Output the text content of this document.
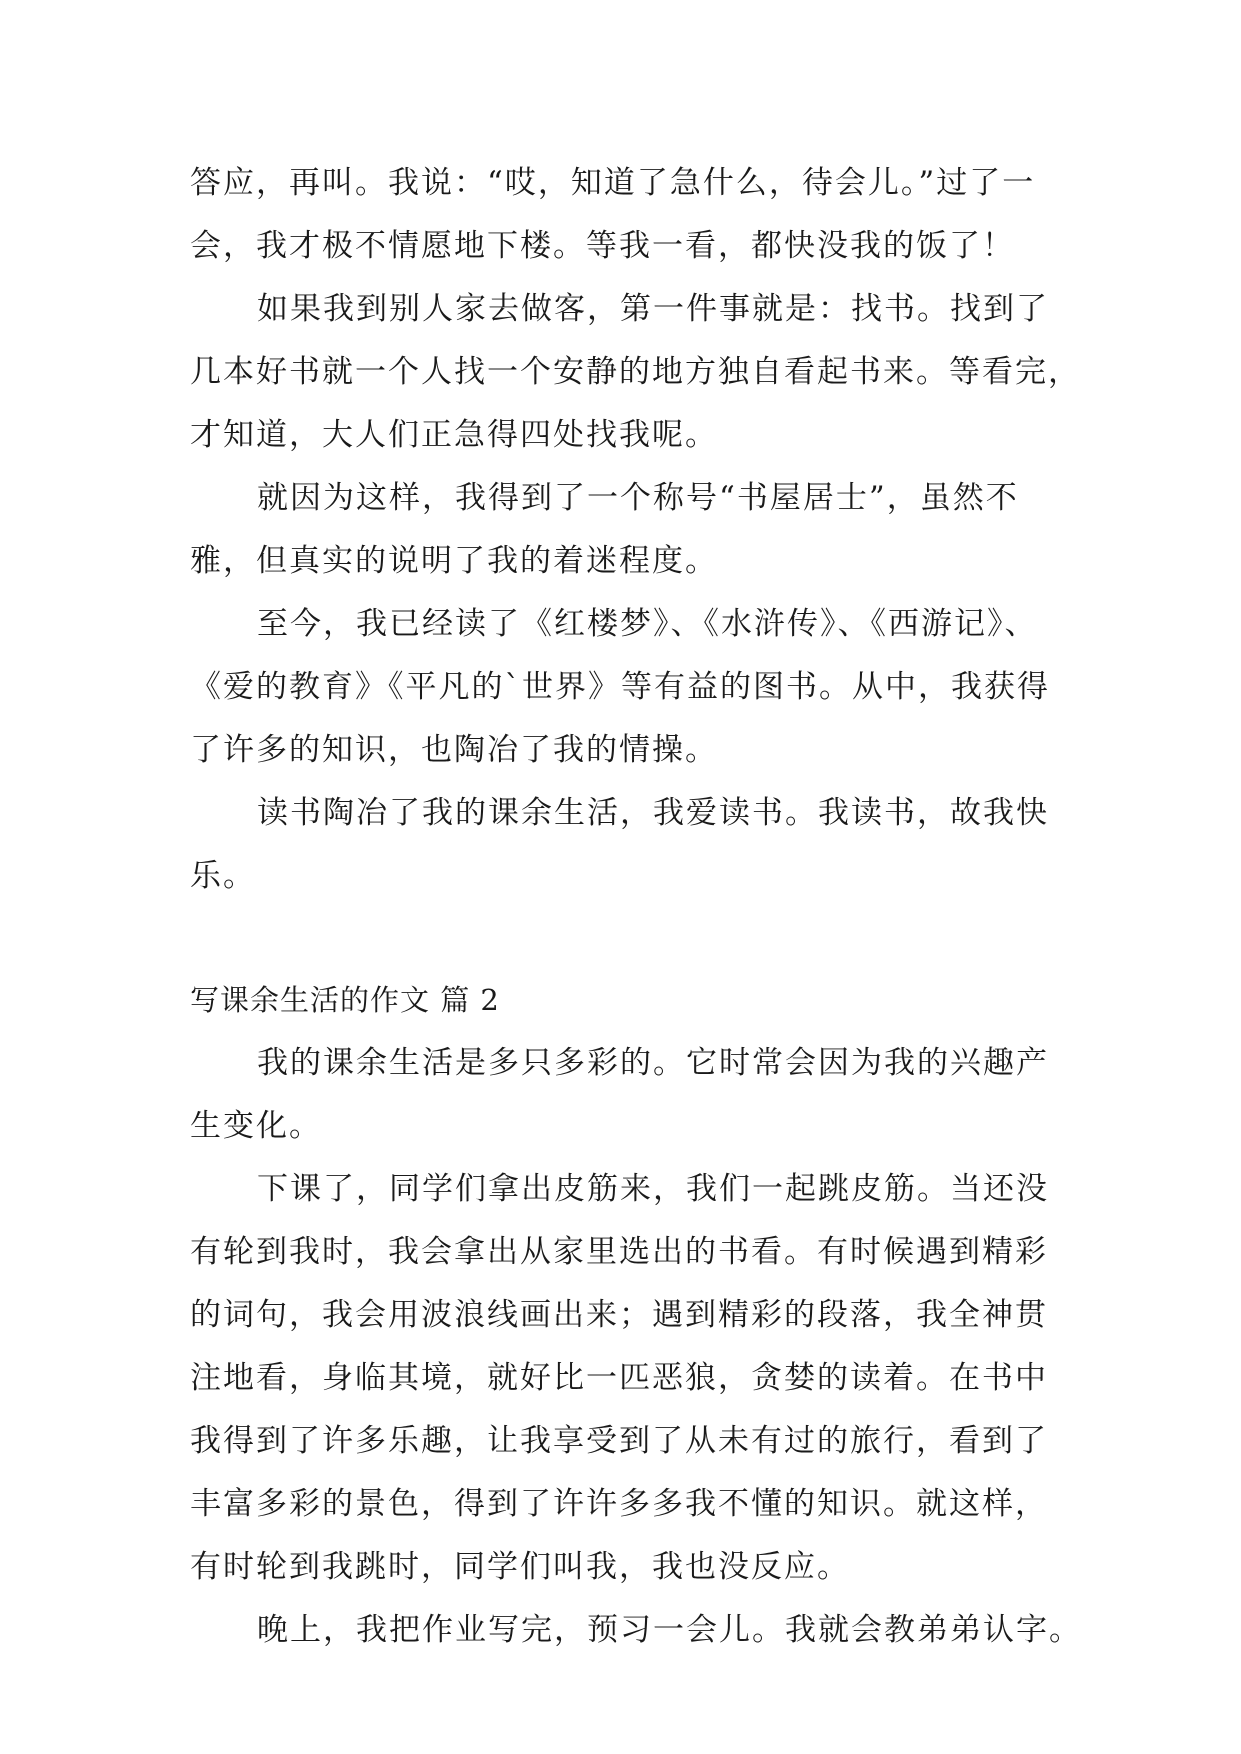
答应，再叫。我说：“哎，知道了急什么，待会儿。”过了一
会，我才极不情愿地下楼。等我一看，都快没我的饭了！
如果我到别人家去做客，第一件事就是：找书。找到了
几本好书就一个人找一个安静的地方独自看起书来。等看完，
才知道，大人们正急得四处找我呢。
就因为这样，我得到了一个称号“书屋居士”，虽然不
雅，但真实的说明了我的着迷程度。
至今，我已经读了《红楼梦》、《水浒传》、《西游记》、
《爱的教育》《平凡的`世界》等有益的图书。从中，我获得
了许多的知识，也陶冶了我的情操。
读书陶冶了我的课余生活，我爱读书。我读书，故我快
乐。
写课余生活的作文 篇 2
我的课余生活是多只多彩的。它时常会因为我的兴趣产
生变化。
下课了，同学们拿出皮筋来，我们一起跳皮筋。当还没
有轮到我时，我会拿出从家里选出的书看。有时候遇到精彩
的词句，我会用波浪线画出来；遇到精彩的段落，我全神贯
注地看，身临其境，就好比一匹恶狼，贪婪的读着。在书中
我得到了许多乐趣，让我享受到了从未有过的旅行，看到了
丰富多彩的景色，得到了许许多多我不懂的知识。就这样，
有时轮到我跳时，同学们叫我，我也没反应。
晚上，我把作业写完，预习一会儿。我就会教弟弟认字。
